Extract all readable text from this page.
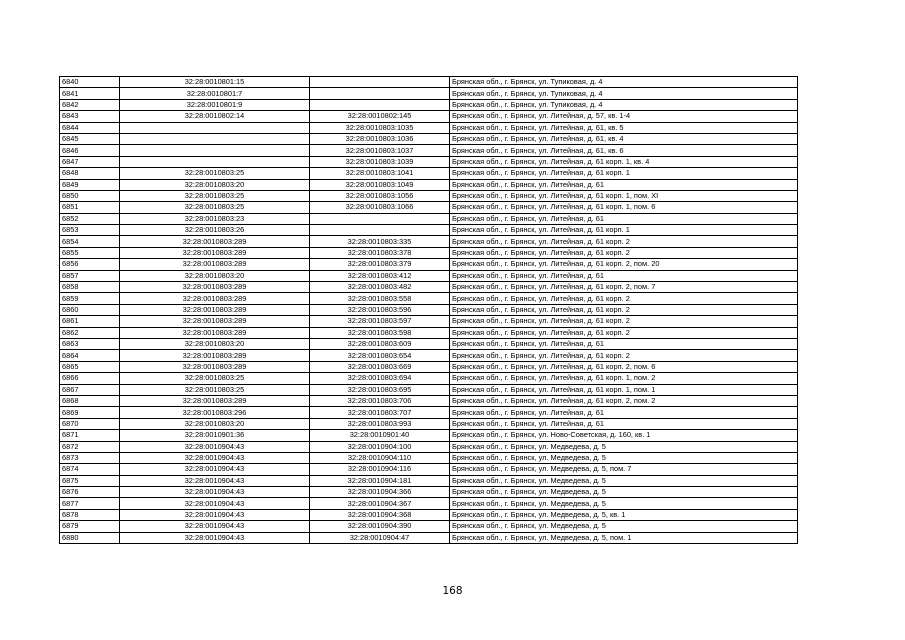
6840	32:28:0010801:15		Брянская обл., г. Брянск, ул. Тупиковая, д. 4
6841	32:28:0010801:7		Брянская обл., г. Брянск, ул. Тупиковая, д. 4
6842	32:28:0010801:9		Брянская обл., г. Брянск, ул. Тупиковая, д. 4
6843	32:28:0010802:14	32:28:0010802:145	Брянская обл., г. Брянск, ул. Литейная, д. 57, кв. 1-4
6844		32:28:0010803:1035	Брянская обл., г. Брянск, ул. Литейная, д. 61, кв. 5
6845		32:28:0010803:1036	Брянская обл., г. Брянск, ул. Литейная, д. 61, кв. 4
6846		32:28:0010803:1037	Брянская обл., г. Брянск, ул. Литейная, д. 61, кв. 6
6847		32:28:0010803:1039	Брянская обл., г. Брянск, ул. Литейная, д. 61 корп. 1, кв. 4
6848	32:28:0010803:25	32:28:0010803:1041	Брянская обл., г. Брянск, ул. Литейная, д. 61 корп. 1
6849	32:28:0010803:20	32:28:0010803:1049	Брянская обл., г. Брянск, ул. Литейная, д. 61
6850	32:28:0010803:25	32:28:0010803:1056	Брянская обл., г. Брянск, ул. Литейная, д. 61 корп. 1, пом. XI
6851	32:28:0010803:25	32:28:0010803:1066	Брянская обл., г. Брянск, ул. Литейная, д. 61 корп. 1, пом. 6
6852	32:28:0010803:23		Брянская обл., г. Брянск, ул. Литейная, д. 61
6853	32:28:0010803:26		Брянская обл., г. Брянск, ул. Литейная, д. 61 корп. 1
6854	32:28:0010803:289	32:28:0010803:335	Брянская обл., г. Брянск, ул. Литейная, д. 61 корп. 2
6855	32:28:0010803:289	32:28:0010803:378	Брянская обл., г. Брянск, ул. Литейная, д. 61 корп. 2
6856	32:28:0010803:289	32:28:0010803:379	Брянская обл., г. Брянск, ул. Литейная, д. 61 корп. 2, пом. 20
6857	32:28:0010803:20	32:28:0010803:412	Брянская обл., г. Брянск, ул. Литейная, д. 61
6858	32:28:0010803:289	32:28:0010803:482	Брянская обл., г. Брянск, ул. Литейная, д. 61 корп. 2, пом. 7
6859	32:28:0010803:289	32:28:0010803:558	Брянская обл., г. Брянск, ул. Литейная, д. 61 корп. 2
6860	32:28:0010803:289	32:28:0010803:596	Брянская обл., г. Брянск, ул. Литейная, д. 61 корп. 2
6861	32:28:0010803:289	32:28:0010803:597	Брянская обл., г. Брянск, ул. Литейная, д. 61 корп. 2
6862	32:28:0010803:289	32:28:0010803:598	Брянская обл., г. Брянск, ул. Литейная, д. 61 корп. 2
6863	32:28:0010803:20	32:28:0010803:609	Брянская обл., г. Брянск, ул. Литейная, д. 61
6864	32:28:0010803:289	32:28:0010803:654	Брянская обл., г. Брянск, ул. Литейная, д. 61 корп. 2
6865	32:28:0010803:289	32:28:0010803:669	Брянская обл., г. Брянск, ул. Литейная, д. 61 корп. 2, пом. 6
6866	32:28:0010803:25	32:28:0010803:694	Брянская обл., г. Брянск, ул. Литейная, д. 61 корп. 1, пом. 2
6867	32:28:0010803:25	32:28:0010803:695	Брянская обл., г. Брянск, ул. Литейная, д. 61 корп. 1, пом. 1
6868	32:28:0010803:289	32:28:0010803:706	Брянская обл., г. Брянск, ул. Литейная, д. 61 корп. 2, пом. 2
6869	32:28:0010803:296	32:28:0010803:707	Брянская обл., г. Брянск, ул. Литейная, д. 61
6870	32:28:0010803:20	32:28:0010803:993	Брянская обл., г. Брянск, ул. Литейная, д. 61
6871	32:28:0010901:36	32:28:0010901:40	Брянская обл., г. Брянск, ул. Ново-Советская, д. 160, кв. 1
6872	32:28:0010904:43	32:28:0010904:100	Брянская обл., г. Брянск, ул. Медведева, д. 5
6873	32:28:0010904:43	32:28:0010904:110	Брянская обл., г. Брянск, ул. Медведева, д. 5
6874	32:28:0010904:43	32:28:0010904:116	Брянская обл., г. Брянск, ул. Медведева, д. 5, пом. 7
6875	32:28:0010904:43	32:28:0010904:181	Брянская обл., г. Брянск, ул. Медведева, д. 5
6876	32:28:0010904:43	32:28:0010904:366	Брянская обл., г. Брянск, ул. Медведева, д. 5
6877	32:28:0010904:43	32:28:0010904:367	Брянская обл., г. Брянск, ул. Медведева, д. 5
6878	32:28:0010904:43	32:28:0010904:368	Брянская обл., г. Брянск, ул. Медведева, д. 5, кв. 1
6879	32:28:0010904:43	32:28:0010904:390	Брянская обл., г. Брянск, ул. Медведева, д. 5
6880	32:28:0010904:43	32:28:0010904:47	Брянская обл., г. Брянск, ул. Медведева, д. 5, пом. 1
168
